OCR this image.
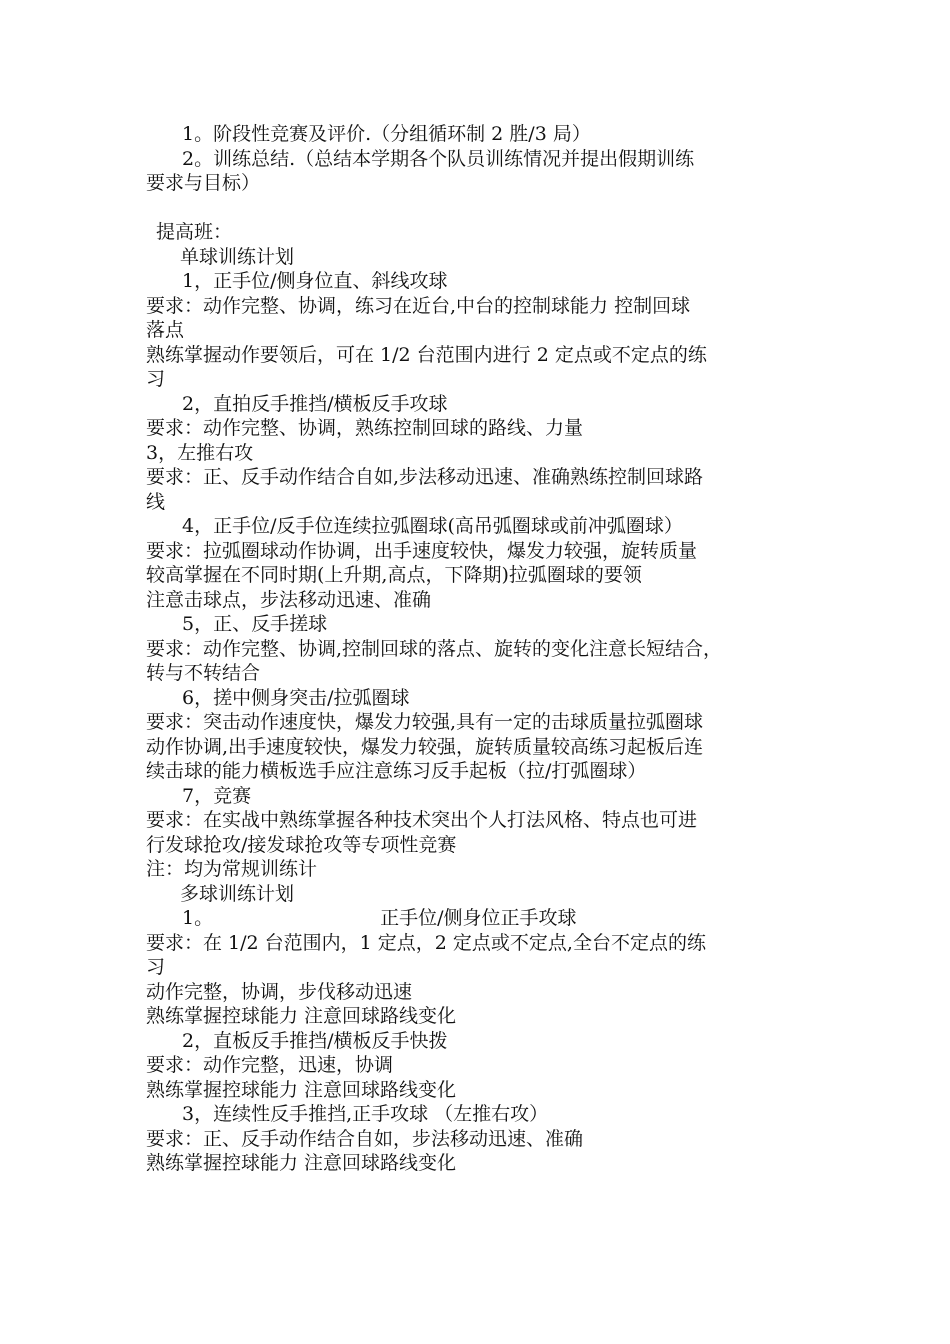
1。阶段性竞赛及评价.（分组循环制 2 胜/3 局）
2。训练总结.（总结本学期各个队员训练情况并提出假期训练
要求与目标）
提高班：
单球训练计划
1，正手位/侧身位直、斜线攻球
要求：动作完整、协调，练习在近台,中台的控制球能力 控制回球
落点
熟练掌握动作要领后，可在 1/2 台范围内进行 2 定点或不定点的练
习
2，直拍反手推挡/横板反手攻球
要求：动作完整、协调，熟练控制回球的路线、力量
3，左推右攻
要求：正、反手动作结合自如,步法移动迅速、准确熟练控制回球路
线
4，正手位/反手位连续拉弧圈球(高吊弧圈球或前冲弧圈球）
要求：拉弧圈球动作协调，出手速度较快，爆发力较强，旋转质量
较高掌握在不同时期(上升期,高点，下降期)拉弧圈球的要领
注意击球点，步法移动迅速、准确
5，正、反手搓球
要求：动作完整、协调,控制回球的落点、旋转的变化注意长短结合，
转与不转结合
6，搓中侧身突击/拉弧圈球
要求：突击动作速度快，爆发力较强,具有一定的击球质量拉弧圈球
动作协调,出手速度较快，爆发力较强，旋转质量较高练习起板后连
续击球的能力横板选手应注意练习反手起板（拉/打弧圈球）
7，竞赛
要求：在实战中熟练掌握各种技术突出个人打法风格、特点也可进
行发球抢攻/接发球抢攻等专项性竞赛
注：均为常规训练计
多球训练计划
1。	正手位/侧身位正手攻球
要求：在 1/2 台范围内，1 定点，2 定点或不定点,全台不定点的练
习
动作完整，协调，步伐移动迅速
熟练掌握控球能力 注意回球路线变化
2，直板反手推挡/横板反手快拨
要求：动作完整，迅速，协调
熟练掌握控球能力 注意回球路线变化
3，连续性反手推挡,正手攻球 （左推右攻）
要求：正、反手动作结合自如，步法移动迅速、准确
熟练掌握控球能力 注意回球路线变化
